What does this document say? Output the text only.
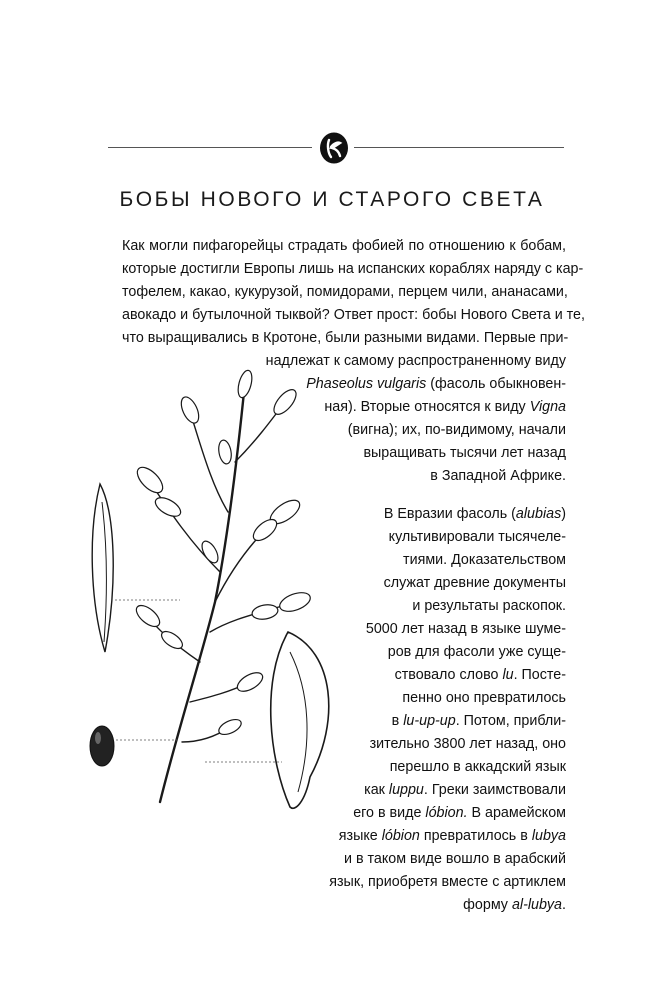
БОБЫ НОВОГО И СТАРОГО СВЕТА
Как могли пифагорейцы страдать фобией по отношению к бобам,
которые достигли Европы лишь на испанских кораблях наряду с кар-
тофелем, какао, кукурузой, помидорами, перцем чили, ананасами,
авокадо и бутылочной тыквой? Ответ прост: бобы Нового Света и те,
что выращивались в Кротоне, были разными видами. Первые при-
надлежат к самому распространенному виду
Phaseolus vulgaris (фасоль обыкновен-
ная). Вторые относятся к виду Vigna
(вигна); их, по-видимому, начали
выращивать тысячи лет назад
в Западной Африке.
В Евразии фасоль (alubias)
культивировали тысячеле-
тиями. Доказательством
служат древние документы
и результаты раскопок.
5000 лет назад в языке шуме-
ров для фасоли уже суще-
ствовало слово lu. Посте-
пенно оно превратилось
в lu-up-up. Потом, прибли-
зительно 3800 лет назад, оно
перешло в аккадский язык
как luppu. Греки заимствовали
его в виде lóbion. В арамейском
языке lóbion превратилось в lubya
и в таком виде вошло в арабский
язык, приобретя вместе с артиклем
форму al-lubya.
